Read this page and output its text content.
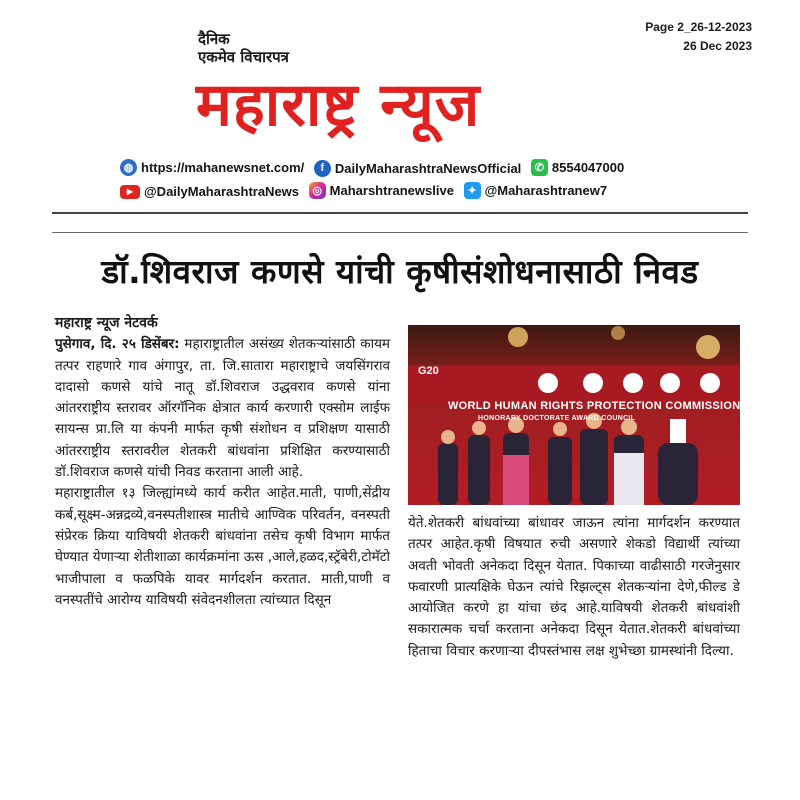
Page 2_26-12-2023
26 Dec 2023
दैनिक
एकमेव विचारपत्र
महाराष्ट्र न्यूज
◍ https://mahanewsnet.com/
	f DailyMaharashtraNewsOfficial
	✆ 8554047000
▶ @DailyMaharashtraNews
	◎ Maharshtranewslive
	✦ @Maharashtranew7
डॉ.शिवराज कणसे यांची कृषीसंशोधनासाठी निवड
महाराष्ट्र न्यूज नेटवर्क

पुसेगाव, दि. २५ डिसेंबर: महाराष्ट्रातील असंख्य शेतकऱ्यांसाठी कायम तत्पर राहणारे गाव अंगापुर, ता. जि.सातारा महाराष्ट्राचे जयसिंगराव दादासो कणसे यांचे नातू डॉ.शिवराज उद्धवराव कणसे यांना आंतरराष्ट्रीय स्तरावर ऑरगॅनिक क्षेत्रात कार्य करणारी एक्सोम लाईफ सायन्स प्रा.लि या कंपनी मार्फत कृषी संशोधन व प्रशिक्षण यासाठी आंतरराष्ट्रीय स्तरावरील शेतकरी बांधवांना प्रशिक्षित करण्यासाठी डॉ.शिवराज कणसे यांची निवड करताना आली आहे.

महाराष्ट्रातील १३ जिल्ह्यांमध्ये कार्य करीत आहेत.माती, पाणी,सेंद्रीय कर्ब,सूक्ष्म-अन्नद्रव्ये,वनस्पतीशास्त्र मातीचे आण्विक परिवर्तन, वनस्पती संप्रेरक क्रिया याविषयी शेतकरी बांधवांना तसेच कृषी विभाग मार्फत घेण्यात येणाऱ्या शेतीशाळा कार्यक्रमांना ऊस ,आले,हळद,स्ट्रॅबेरी,टोमॅटो भाजीपाला व फळपिके यावर मार्गदर्शन करतात. माती,पाणी व वनस्पतींचे आरोग्य याविषयी संवेदनशीलता त्यांच्यात दिसून

WORLD HUMAN RIGHTS PROTECTION COMMISSION
HONORARY DOCTORATE AWARD COUNCIL
G20

येते.शेतकरी बांधवांच्या बांधावर जाऊन त्यांना मार्गदर्शन करण्यात तत्पर आहेत.कृषी विषयात रुची असणारे शेकडो विद्यार्थी त्यांच्या अवती भोवती अनेकदा दिसून येतात. पिकाच्या वाढीसाठी गरजेनुसार फवारणी प्रात्यक्षिके घेऊन त्यांचे रिझल्ट्स शेतकऱ्यांना देणे,फील्ड डे आयोजित करणे हा यांचा छंद आहे.याविषयी शेतकरी बांधवांशी सकारात्मक चर्चा करताना अनेकदा दिसून येतात.शेतकरी बांधवांच्या हिताचा विचार करणाऱ्या दीपस्तंभास लक्ष शुभेच्छा ग्रामस्थांनी दिल्या.
